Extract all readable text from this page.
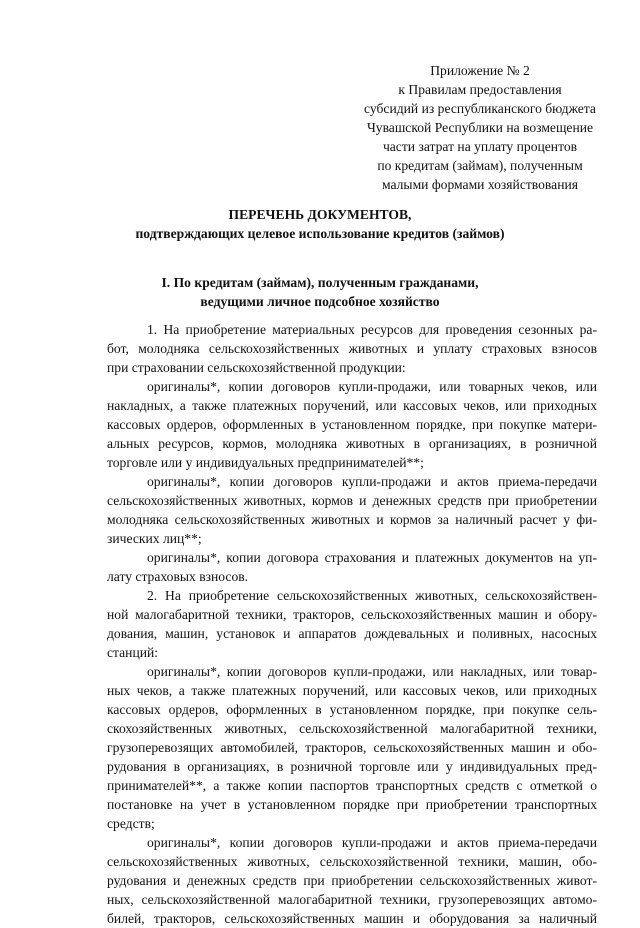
Приложение № 2
к Правилам предоставления
субсидий из республиканского бюджета
Чувашской Республики на возмещение
части затрат на уплату процентов
по кредитам (займам), полученным
малыми формами хозяйствования
ПЕРЕЧЕНЬ ДОКУМЕНТОВ,
подтверждающих целевое использование кредитов (займов)
I. По кредитам (займам), полученным гражданами,
ведущими личное подсобное хозяйство
1. На приобретение материальных ресурсов для проведения сезонных ра-
бот, молодняка сельскохозяйственных животных и уплату страховых взносов
при страховании сельскохозяйственной продукции:
оригиналы*, копии договоров купли-продажи, или товарных чеков, или
накладных, а также платежных поручений, или кассовых чеков, или приходных
кассовых ордеров, оформленных в установленном порядке, при покупке матери-
альных ресурсов, кормов, молодняка животных в организациях, в розничной
торговле или у индивидуальных предпринимателей**;
оригиналы*, копии договоров купли-продажи и актов приема-передачи
сельскохозяйственных животных, кормов и денежных средств при приобретении
молодняка сельскохозяйственных животных и кормов за наличный расчет у фи-
зических лиц**;
оригиналы*, копии договора страхования и платежных документов на уп-
лату страховых взносов.
2. На приобретение сельскохозяйственных животных, сельскохозяйствен-
ной малогабаритной техники, тракторов, сельскохозяйственных машин и обору-
дования, машин, установок и аппаратов дождевальных и поливных, насосных
станций:
оригиналы*, копии договоров купли-продажи, или накладных, или товар-
ных чеков, а также платежных поручений, или кассовых чеков, или приходных
кассовых ордеров, оформленных в установленном порядке, при покупке сель-
скохозяйственных животных, сельскохозяйственной малогабаритной техники,
грузоперевозящих автомобилей, тракторов, сельскохозяйственных машин и обо-
рудования в организациях, в розничной торговле или у индивидуальных пред-
принимателей**, а также копии паспортов транспортных средств с отметкой о
постановке на учет в установленном порядке при приобретении транспортных
средств;
оригиналы*, копии договоров купли-продажи и актов приема-передачи
сельскохозяйственных животных, сельскохозяйственной техники, машин, обо-
рудования и денежных средств при приобретении сельскохозяйственных живот-
ных, сельскохозяйственной малогабаритной техники, грузоперевозящих автомо-
билей, тракторов, сельскохозяйственных машин и оборудования за наличный
